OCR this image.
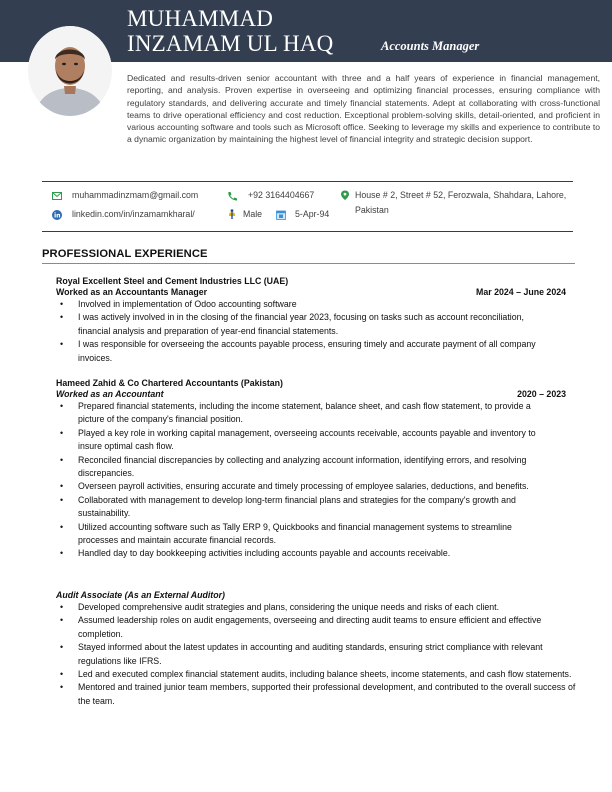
MUHAMMAD
INZAMAM UL HAQ	Accounts Manager
Dedicated and results-driven senior accountant with three and a half years of experience in financial management, reporting, and analysis. Proven expertise in overseeing and optimizing financial processes, ensuring compliance with regulatory standards, and delivering accurate and timely financial statements. Adept at collaborating with cross-functional teams to drive operational efficiency and cost reduction. Exceptional problem-solving skills, detail-oriented, and proficient in various accounting software and tools such as Microsoft office. Seeking to leverage my skills and experience to contribute to a dynamic organization by maintaining the highest level of financial integrity and strategic decision support.
muhammadinzmam@gmail.com	+92 3164404667	House # 2, Street # 52, Ferozwala, Shahdara, Lahore,
Pakistan
linkedin.com/in/inzamamkharal/	Male	5-Apr-94
PROFESSIONAL EXPERIENCE
Royal Excellent Steel and Cement Industries LLC (UAE)
Worked as an Accountants Manager	Mar 2024 – June 2024
• Involved in implementation of Odoo accounting software
• I was actively involved in in the closing of the financial year 2023, focusing on tasks such as account reconciliation, financial analysis and preparation of year-end financial statements.
• I was responsible for overseeing the accounts payable process, ensuring timely and accurate payment of all company invoices.
Hameed Zahid & Co Chartered Accountants (Pakistan)
Worked as an Accountant	2020 – 2023
• Prepared financial statements, including the income statement, balance sheet, and cash flow statement, to provide a picture of the company's financial position.
• Played a key role in working capital management, overseeing accounts receivable, accounts payable and inventory to insure optimal cash flow.
• Reconciled financial discrepancies by collecting and analyzing account information, identifying errors, and resolving discrepancies.
• Overseen payroll activities, ensuring accurate and timely processing of employee salaries, deductions, and benefits.
• Collaborated with management to develop long-term financial plans and strategies for the company's growth and sustainability.
• Utilized accounting software such as Tally ERP 9, Quickbooks and financial management systems to streamline processes and maintain accurate financial records.
• Handled day to day bookkeeping activities including accounts payable and accounts receivable.
Audit Associate (As an External Auditor)
• Developed comprehensive audit strategies and plans, considering the unique needs and risks of each client.
• Assumed leadership roles on audit engagements, overseeing and directing audit teams to ensure efficient and effective completion.
• Stayed informed about the latest updates in accounting and auditing standards, ensuring strict compliance with relevant regulations like IFRS.
• Led and executed complex financial statement audits, including balance sheets, income statements, and cash flow statements.
• Mentored and trained junior team members, supported their professional development, and contributed to the overall success of the team.
